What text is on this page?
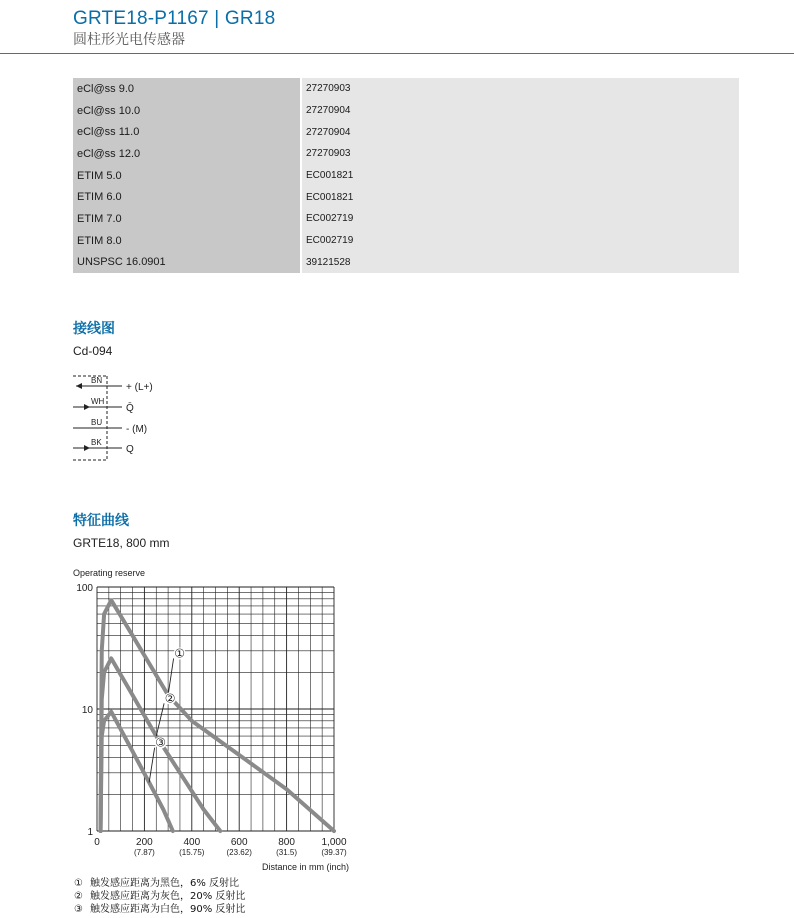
GRTE18-P1167 | GR18
圆柱形光电传感器
eCl@ss 9.0	27270903
eCl@ss 10.0	27270904
eCl@ss 11.0	27270904
eCl@ss 12.0	27270903
ETIM 5.0	EC001821
ETIM 6.0	EC001821
ETIM 7.0	EC002719
ETIM 8.0	EC002719
UNSPSC 16.0901	39121528
接线图
Cd-094
BN
WH
BU
BK
+ (L+)
Q̄
- (M)
Q
特征曲线
GRTE18, 800 mm
①
②
③
100
10
1
0	200
(7.87)
400
(15.75)
600
(23.62)
800
(31.5)
1,000
(39.37)
Operating reserve
Distance in mm (inch)
① 触发感应距离为黑色，6% 反射比
② 触发感应距离为灰色，20% 反射比
③ 触发感应距离为白色，90% 反射比
